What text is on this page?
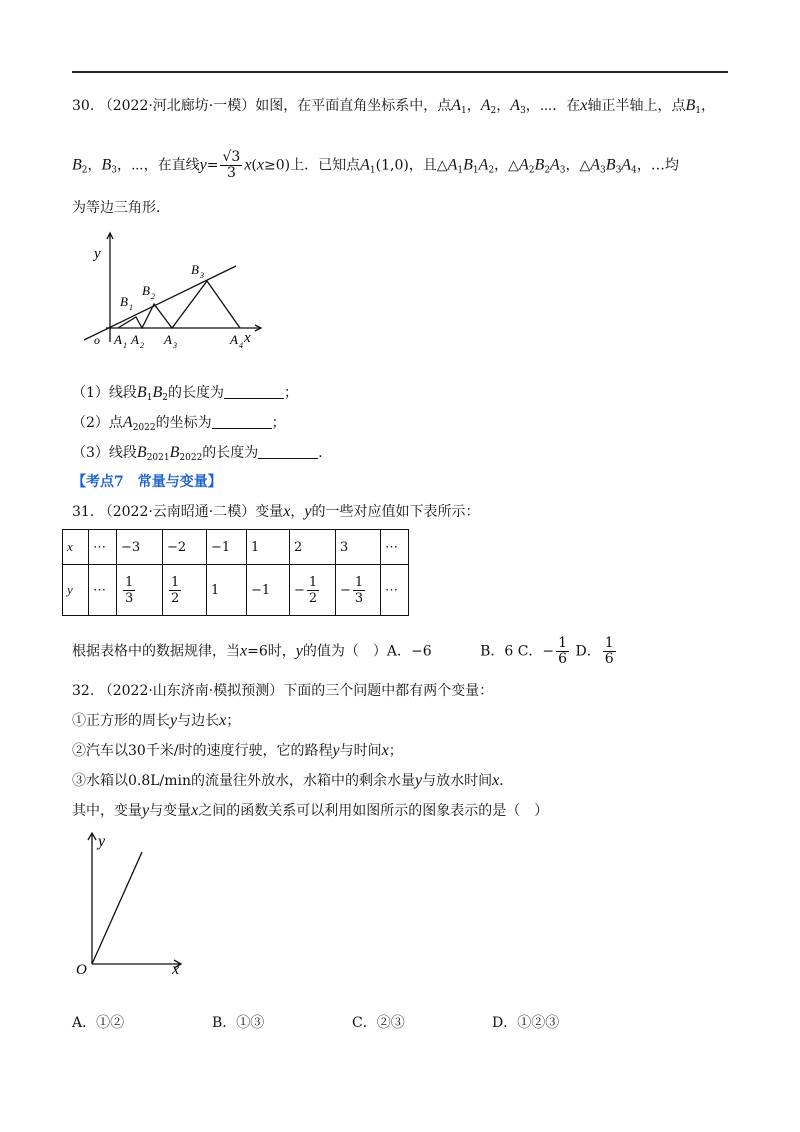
30. （2022·河北廊坊·一模）如图，在平面直角坐标系中，点$A_1$，$A_2$，$A_3$，⋯．在x轴正半轴上，点$B_1$，
$B_2$，$B_3$，⋯，在直线$y= \frac{√3}{3} x(x\ge 0)$上．已知点$A_1(1,0)$，且$\triangle A_1B_1A_2$，$\triangle A_2B_2A_3$，$\triangle A_3B_3A_4$，…均
为等边三角形．
y
x
o A 1 A 2 A 3	A 4
B 1
B 2
B 3
（1）线段$B_1B_2$的长度为	；
（2）点$A_{2022}$的坐标为	；
（3）线段$B_{2021}B_{2022}$的长度为	．
【考点7　常量与变量】
31. （2022·云南昭通·二模）变量x，y的一些对应值如下表所示：
x	⋯	−3	−2	−1	1	2	3	⋯
y	⋯	$\frac{1}{3}$	$\frac{1}{2}$	1	−1	− $\frac{1}{2}$	− $\frac{1}{3}$	⋯
根据表格中的数据规律，当x=6时，y的值为（　）A．−6	B．6 C．− $\frac{1}{6}$ D． $\frac{1}{6}$
32. （2022·山东济南·模拟预测）下面的三个问题中都有两个变量：
①正方形的周长y与边长x；
②汽车以30千米/时的速度行驶，它的路程y与时间x；
③水箱以0.8L/min的流量往外放水，水箱中的剩余水量y与放水时间x．
其中，变量y与变量x之间的函数关系可以利用如图所示的图象表示的是（　）
y
x
O
A．①②	B．①③	C．②③	D．①②③
